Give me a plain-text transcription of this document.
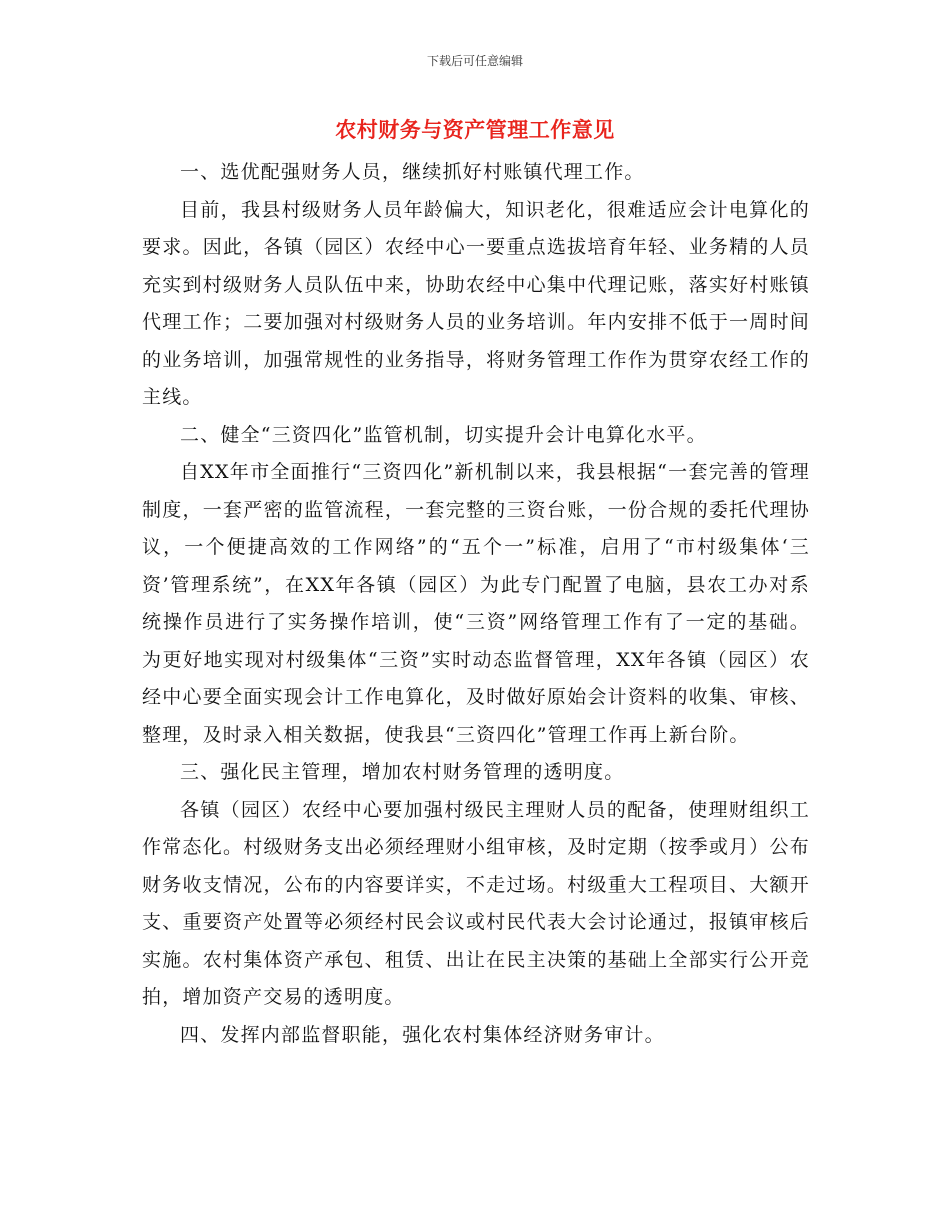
下载后可任意编辑
农村财务与资产管理工作意见

一、选优配强财务人员，继续抓好村账镇代理工作。

目前，我县村级财务人员年龄偏大，知识老化，很难适应会计电算化的要求。因此，各镇（园区）农经中心一要重点选拔培育年轻、业务精的人员充实到村级财务人员队伍中来，协助农经中心集中代理记账，落实好村账镇代理工作；二要加强对村级财务人员的业务培训。年内安排不低于一周时间的业务培训，加强常规性的业务指导，将财务管理工作作为贯穿农经工作的主线。

二、健全“三资四化”监管机制，切实提升会计电算化水平。

自XX年市全面推行“三资四化”新机制以来，我县根据“一套完善的管理制度，一套严密的监管流程，一套完整的三资台账，一份合规的委托代理协议，一个便捷高效的工作网络”的“五个一”标准，启用了“市村级集体‘三资’管理系统”，在XX年各镇（园区）为此专门配置了电脑，县农工办对系统操作员进行了实务操作培训，使“三资”网络管理工作有了一定的基础。为更好地实现对村级集体“三资”实时动态监督管理，XX年各镇（园区）农经中心要全面实现会计工作电算化，及时做好原始会计资料的收集、审核、整理，及时录入相关数据，使我县“三资四化”管理工作再上新台阶。

三、强化民主管理，增加农村财务管理的透明度。

各镇（园区）农经中心要加强村级民主理财人员的配备，使理财组织工作常态化。村级财务支出必须经理财小组审核，及时定期（按季或月）公布财务收支情况，公布的内容要详实，不走过场。村级重大工程项目、大额开支、重要资产处置等必须经村民会议或村民代表大会讨论通过，报镇审核后实施。农村集体资产承包、租赁、出让在民主决策的基础上全部实行公开竞拍，增加资产交易的透明度。

四、发挥内部监督职能，强化农村集体经济财务审计。
